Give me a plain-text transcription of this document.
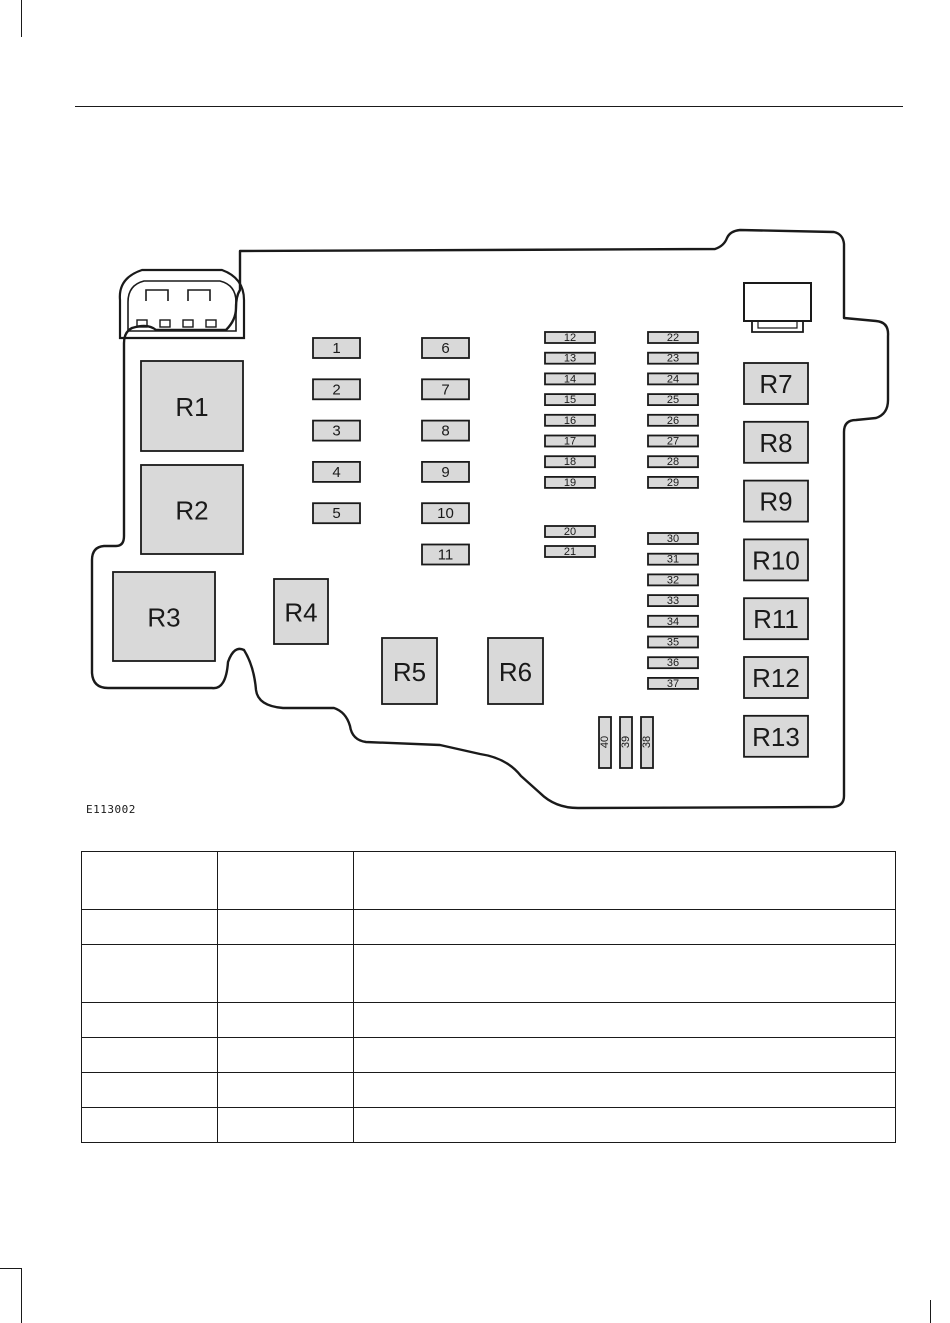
1
2
3
4
5
6
7
8
9
10
11
12
13
14
15
16
17
18
19
20
21
22
23
24
25
26
27
28
29
30
31
32
33
34
35
36
37
40 39 38
R1
R2
R3	R4
R5	R6
R7
R8
R9
R10
R11
R12
R13
E113002
